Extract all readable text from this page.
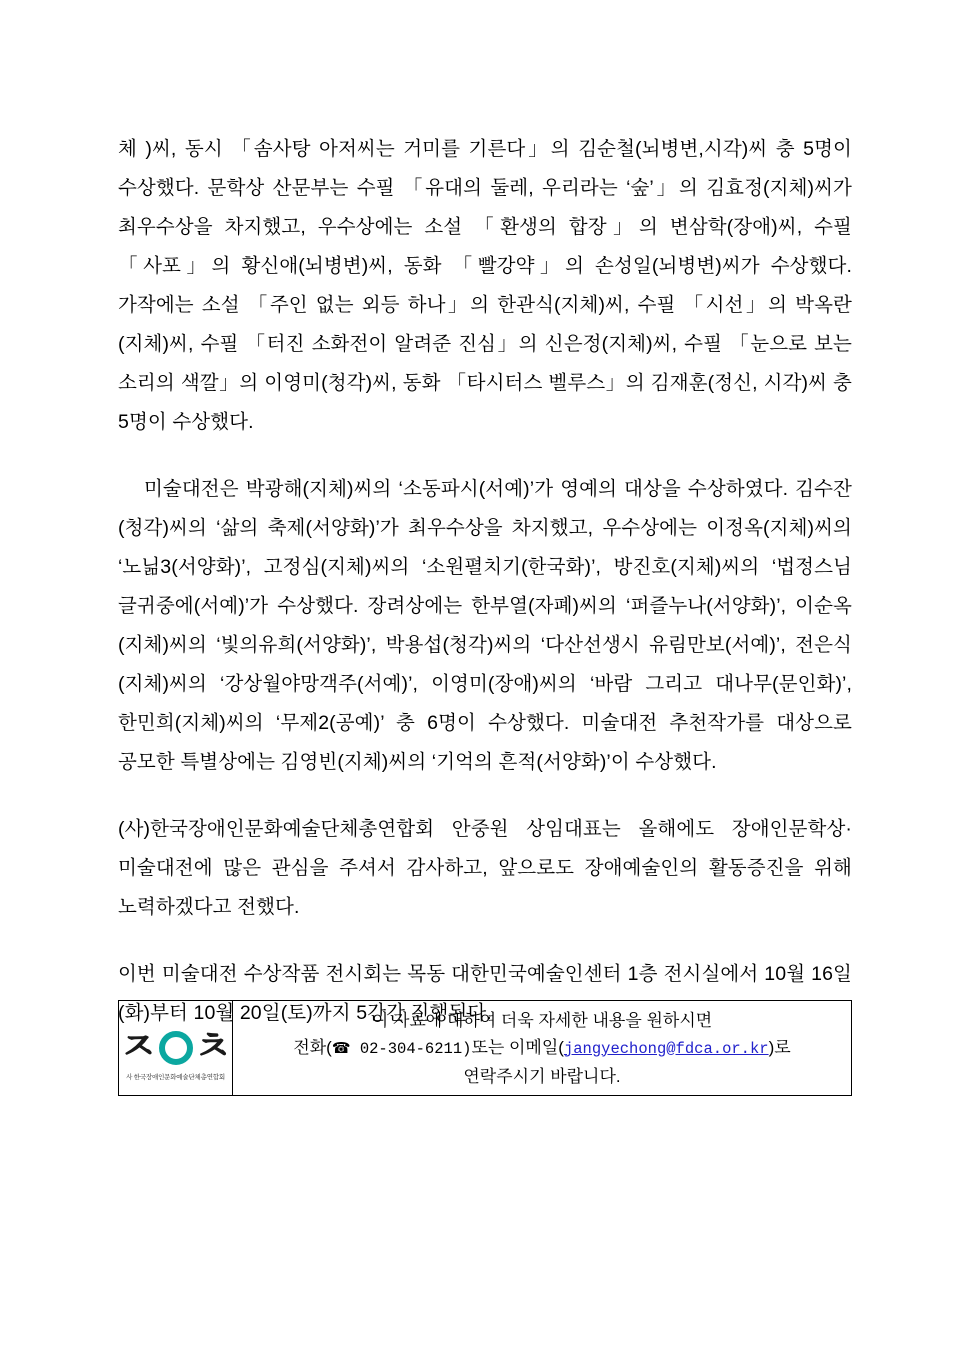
체 )씨, 동시 「솜사탕 아저씨는 거미를 기른다」의 김순철(뇌병변,시각)씨 충 5명이 수상했다. 문학상 산문부는 수필 「유대의 둘레, 우리라는 ‘숲’」의 김효정(지체)씨가 최우수상을 차지했고, 우수상에는 소설 「환생의 합장」의 변삼학(장애)씨, 수필 「사포」의 황신애(뇌병변)씨, 동화 「빨강약」의 손성일(뇌병변)씨가 수상했다. 가작에는 소설 「주인 없는 외등 하나」의 한관식(지체)씨, 수필 「시선」의 박옥란(지체)씨, 수필 「터진 소화전이 알려준 진심」의 신은정(지체)씨, 수필 「눈으로 보는 소리의 색깔」의 이영미(청각)씨, 동화 「타시터스 벨루스」의 김재훈(정신, 시각)씨 충 5명이 수상했다.

미술대전은 박광해(지체)씨의 ‘소동파시(서예)’가 영예의 대상을 수상하였다. 김수잔(청각)씨의 ‘삶의 축제(서양화)’가 최우수상을 차지했고, 우수상에는 이정옥(지체)씨의 ‘노닒3(서양화)’, 고정심(지체)씨의 ‘소원펼치기(한국화)’, 방진호(지체)씨의 ‘법정스님 글귀중에(서예)’가 수상했다. 장려상에는 한부열(자폐)씨의 ‘퍼즐누나(서양화)’, 이순옥(지체)씨의 ‘빛의유희(서양화)’, 박용섭(청각)씨의 ‘다산선생시 유림만보(서예)’, 전은식(지체)씨의 ‘강상월야망객주(서예)’, 이영미(장애)씨의 ‘바람 그리고 대나무(문인화)’, 한민희(지체)씨의 ‘무제2(공예)’ 충 6명이 수상했다. 미술대전 추천작가를 대상으로 공모한 특별상에는 김영빈(지체)씨의 ‘기억의 흔적(서양화)’이 수상했다.

(사)한국장애인문화예술단체총연합회 안중원 상임대표는 올해에도 장애인문학상·미술대전에 많은 관심을 주셔서 감사하고, 앞으로도 장애예술인의 활동증진을 위해 노력하겠다고 전했다.

이번 미술대전 수상작품 전시회는 목동 대한민국예술인센터 1층 전시실에서 10월 16일(화)부터 10월 20일(토)까지 5간간 진행된다.

ㅈ ㅊ
사 한국장애인문화예술단체총연합회
이 자료에 대하여 더욱 자세한 내용을 원하시면
전화(☎ 02-304-6211)또는 이메일(jangyechong@fdca.or.kr)로
연락주시기 바랍니다.
